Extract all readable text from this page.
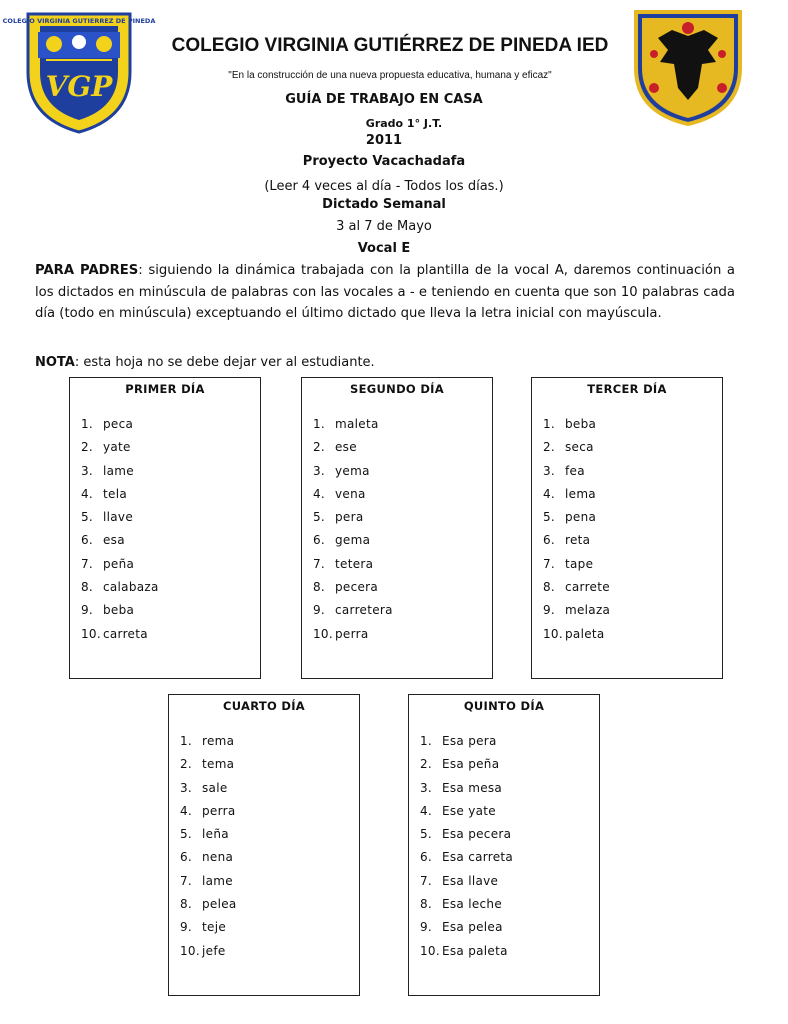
VGP
COLEGIO VIRGINIA GUTIERREZ DE PINEDA
COLEGIO VIRGINIA GUTIÉRREZ DE PINEDA IED
"En la construcción de una nueva propuesta educativa, humana y eficaz"
GUÍA DE TRABAJO EN CASA
Grado 1° J.T.
2011
Proyecto Vacachadafa
(Leer 4 veces al día - Todos los días.)
Dictado Semanal
3 al 7 de Mayo
Vocal E
PARA PADRES: siguiendo la dinámica trabajada con la plantilla de la vocal A, daremos continuación a los dictados en minúscula de palabras con las vocales a - e teniendo en cuenta que son 10 palabras cada día (todo en minúscula) exceptuando el último dictado que lleva la letra inicial con mayúscula.
NOTA: esta hoja no se debe dejar ver al estudiante.
PRIMER DÍA
1. peca
2. yate
3. lame
4. tela
5. llave
6. esa
7. peña
8. calabaza
9. beba
10. carreta
SEGUNDO DÍA
1. maleta
2. ese
3. yema
4. vena
5. pera
6. gema
7. tetera
8. pecera
9. carretera
10. perra
TERCER DÍA
1. beba
2. seca
3. fea
4. lema
5. pena
6. reta
7. tape
8. carrete
9. melaza
10. paleta
CUARTO DÍA
1. rema
2. tema
3. sale
4. perra
5. leña
6. nena
7. lame
8. pelea
9. teje
10. jefe
QUINTO DÍA
1. Esa pera
2. Esa peña
3. Esa mesa
4. Ese yate
5. Esa pecera
6. Esa carreta
7. Esa llave
8. Esa leche
9. Esa pelea
10. Esa paleta
